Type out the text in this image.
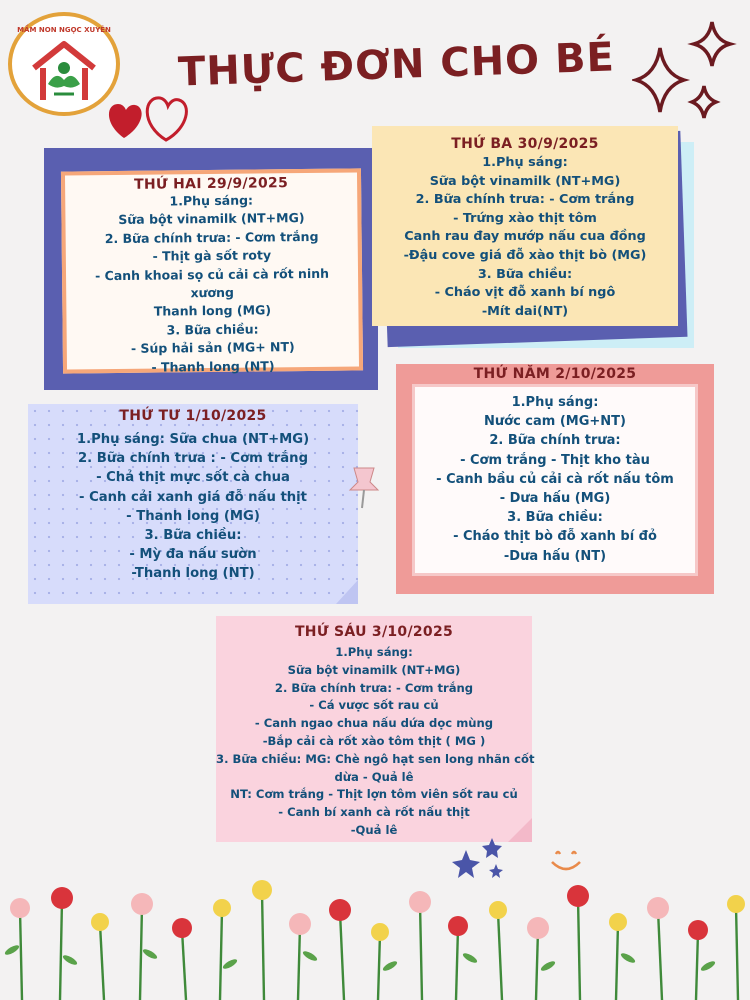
MẦM NON NGỌC XUYÊN
THỰC ĐƠN CHO BÉ
THỨ HAI 29/9/2025
1.Phụ sáng:
Sữa bột vinamilk (NT+MG)
2. Bữa chính trưa: - Cơm trắng
- Thịt gà sốt roty
- Canh khoai sọ củ cải cà rốt ninh
xương
Thanh long (MG)
3. Bữa chiều:
- Súp hải sản (MG+ NT)
- Thanh long (NT)
THỨ BA 30/9/2025
1.Phụ sáng:
Sữa bột vinamilk (NT+MG)
2. Bữa chính trưa: - Cơm trắng
- Trứng xào thịt tôm
Canh rau đay mướp nấu cua đồng
-Đậu cove giá đỗ xào thịt bò (MG)
3. Bữa chiều:
- Cháo vịt đỗ xanh bí ngô
-Mít dai(NT)
THỨ TƯ 1/10/2025
1.Phụ sáng: Sữa chua (NT+MG)
2. Bữa chính trưa : - Cơm trắng
- Chả thịt mực sốt cà chua
- Canh cải xanh giá đỗ nấu thịt
- Thanh long (MG)
3. Bữa chiều:
- Mỳ đa nấu sườn
-Thanh long (NT)
1.Phụ sáng:
Nước cam (MG+NT)
2. Bữa chính trưa:
- Cơm trắng - Thịt kho tàu
- Canh bầu củ cải cà rốt nấu tôm
- Dưa hấu (MG)
3. Bữa chiều:
- Cháo thịt bò đỗ xanh bí đỏ
-Dưa hấu (NT)
THỨ NĂM 2/10/2025
THỨ SÁU 3/10/2025
1.Phụ sáng:
Sữa bột vinamilk (NT+MG)
2. Bữa chính trưa: - Cơm trắng
- Cá vược sốt rau củ
- Canh ngao chua nấu dứa dọc mùng
-Bắp cải cà rốt xào tôm thịt ( MG )
3. Bữa chiều: MG: Chè ngô hạt sen long nhãn cốt
dừa - Quả lê
NT: Cơm trắng - Thịt lợn tôm viên sốt rau củ
- Canh bí xanh cà rốt nấu thịt
-Quả lê
